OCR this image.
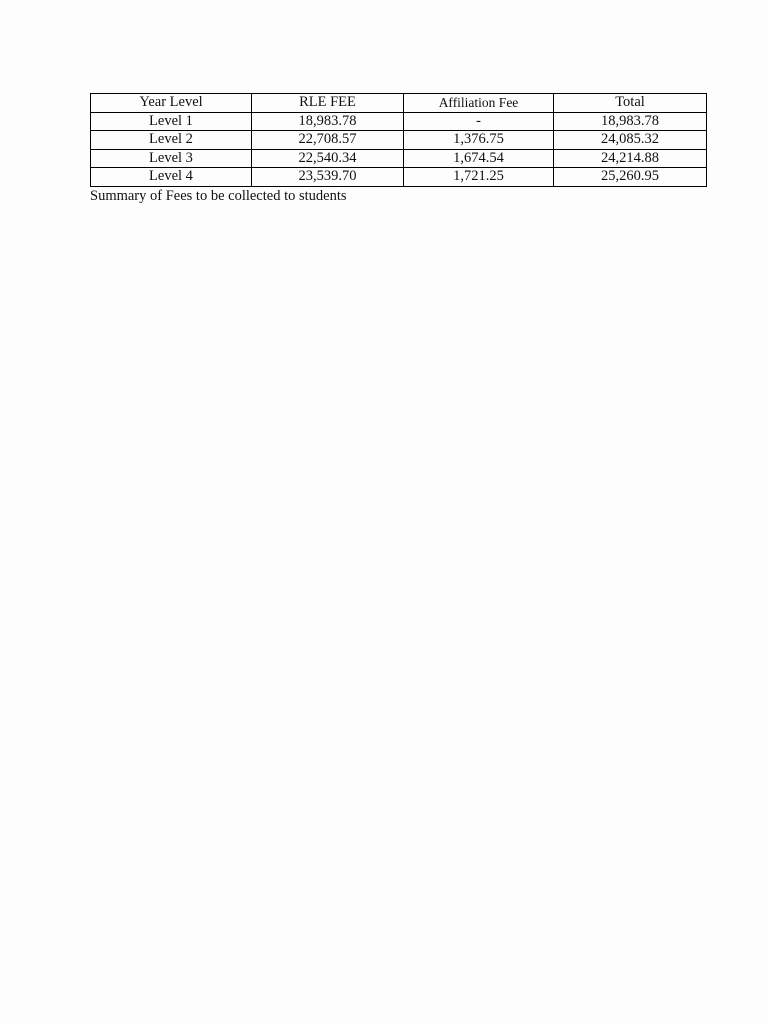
Year Level	RLE FEE	Affiliation Fee	Total
Level 1	18,983.78	-	18,983.78
Level 2	22,708.57	1,376.75	24,085.32
Level 3	22,540.34	1,674.54	24,214.88
Level 4	23,539.70	1,721.25	25,260.95
Summary of Fees to be collected to students
